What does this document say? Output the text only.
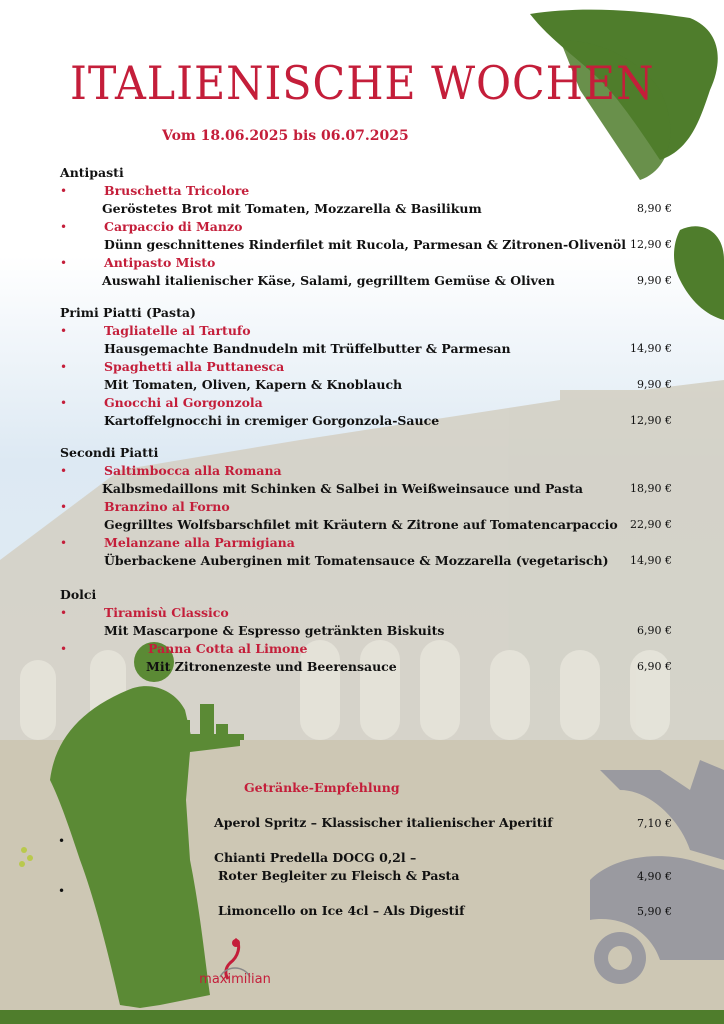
ITALIENISCHE WOCHEN
Vom 18.06.2025 bis 06.07.2025
Antipasti
•	Bruschetta Tricolore
Geröstetes Brot mit Tomaten, Mozzarella & Basilikum	8,90 €
•	Carpaccio di Manzo
Dünn geschnittenes Rinderfilet mit Rucola, Parmesan & Zitronen-Olivenöl 12,90 €
•	Antipasto Misto
Auswahl italienischer Käse, Salami, gegrilltem Gemüse & Oliven	9,90 €
Primi Piatti (Pasta)
•	Tagliatelle al Tartufo
Hausgemachte Bandnudeln mit Trüffelbutter & Parmesan	14,90 €
•	Spaghetti alla Puttanesca
Mit Tomaten, Oliven, Kapern & Knoblauch	9,90 €
•	Gnocchi al Gorgonzola
Kartoffelgnocchi in cremiger Gorgonzola-Sauce	12,90 €
Secondi Piatti
•	Saltimbocca alla Romana
Kalbsmedaillons mit Schinken & Salbei in Weißweinsauce und Pasta	18,90 €
•	Branzino al Forno
Gegrilltes Wolfsbarschfilet mit Kräutern & Zitrone auf Tomatencarpaccio 22,90 €
•	Melanzane alla Parmigiana
Überbackene Auberginen mit Tomatensauce & Mozzarella (vegetarisch) 14,90 €
Dolci
•	Tiramisù Classico
Mit Mascarpone & Espresso getränkten Biskuits	6,90 €
•	Panna Cotta al Limone
Mit Zitronenzeste und Beerensauce	6,90 €
Getränke-Empfehlung
•
Aperol Spritz – Klassischer italienischer Aperitif	7,10 €
Chianti Predella DOCG 0,2l –
Roter Begleiter zu Fleisch & Pasta	4,90 €
•
Limoncello on Ice 4cl – Als Digestif	5,90 €
maximilian
